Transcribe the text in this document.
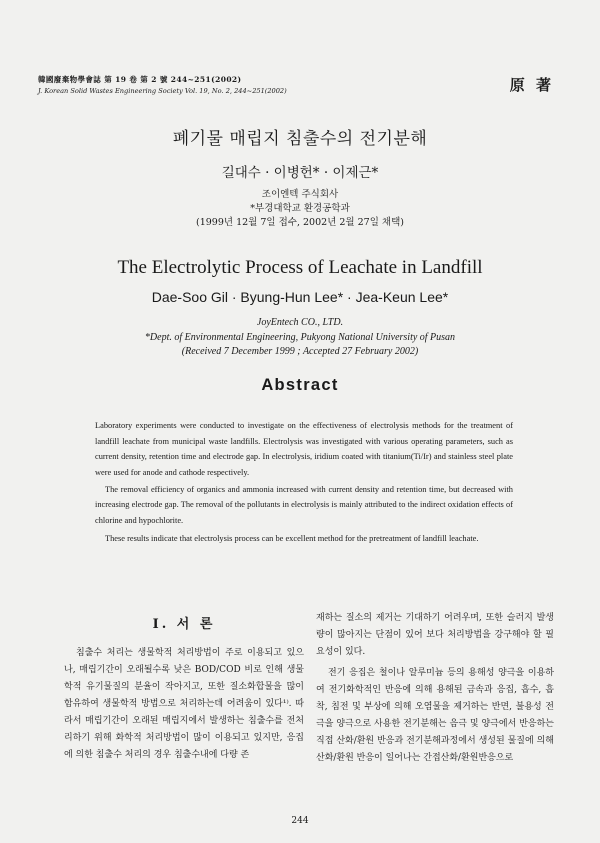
韓國廢棄物學會誌 第 19 卷 第 2 號 244~251(2002)
J. Korean Solid Wastes Engineering Society Vol. 19, No. 2, 244~251(2002)	原 著
폐기물 매립지 침출수의 전기분해
길대수 · 이병헌* · 이제근*
조이엔텍 주식회사
*부경대학교 환경공학과
(1999년 12월 7일 접수, 2002년 2월 27일 채택)
The Electrolytic Process of Leachate in Landfill
Dae-Soo Gil · Byung-Hun Lee* · Jea-Keun Lee*
JoyEntech CO., LTD.
*Dept. of Environmental Engineering, Pukyong National University of Pusan
(Received 7 December 1999 ; Accepted 27 February 2002)
Abstract

Laboratory experiments were conducted to investigate on the effectiveness of electrolysis methods for the treatment of landfill leachate from municipal waste landfills. Electrolysis was investigated with various operating parameters, such as current density, retention time and electrode gap. In electrolysis, iridium coated with titanium(Ti/Ir) and stainless steel plate were used for anode and cathode respectively.

The removal efficiency of organics and ammonia increased with current density and retention time, but decreased with increasing electrode gap. The removal of the pollutants in electrolysis is mainly attributed to the indirect oxidation effects of chlorine and hypochlorite.

These results indicate that electrolysis process can be excellent method for the pretreatment of landfill leachate.

Ⅰ. 서 론

침출수 처리는 생물학적 처리방법이 주로 이용되고 있으나, 매립기간이 오래될수록 낮은 BOD/COD 비로 인해 생물학적 유기물질의 분율이 작아지고, 또한 질소화합물을 많이 함유하여 생물학적 방법으로 처리하는데 어려움이 있다¹⁾. 따라서 매립기간이 오래된 매립지에서 발생하는 침출수를 전처리하기 위해 화학적 처리방법이 많이 이용되고 있지만, 응집에 의한 침출수 처리의 경우 침출수내에 다량 존

재하는 질소의 제거는 기대하기 어려우며, 또한 슬러지 발생량이 많아지는 단점이 있어 보다 처리방법을 강구해야 할 필요성이 있다.

전기 응집은 철이나 알루미늄 등의 용해성 양극을 이용하여 전기화학적인 반응에 의해 용해된 금속과 응집, 흡수, 흡착, 침전 및 부상에 의해 오염물을 제거하는 반면, 불용성 전극을 양극으로 사용한 전기분해는 음극 및 양극에서 반응하는 직접 산화/환원 반응과 전기분해과정에서 생성된 물질에 의해 산화/환원 반응이 일어나는 간접산화/환원반응으로

244
